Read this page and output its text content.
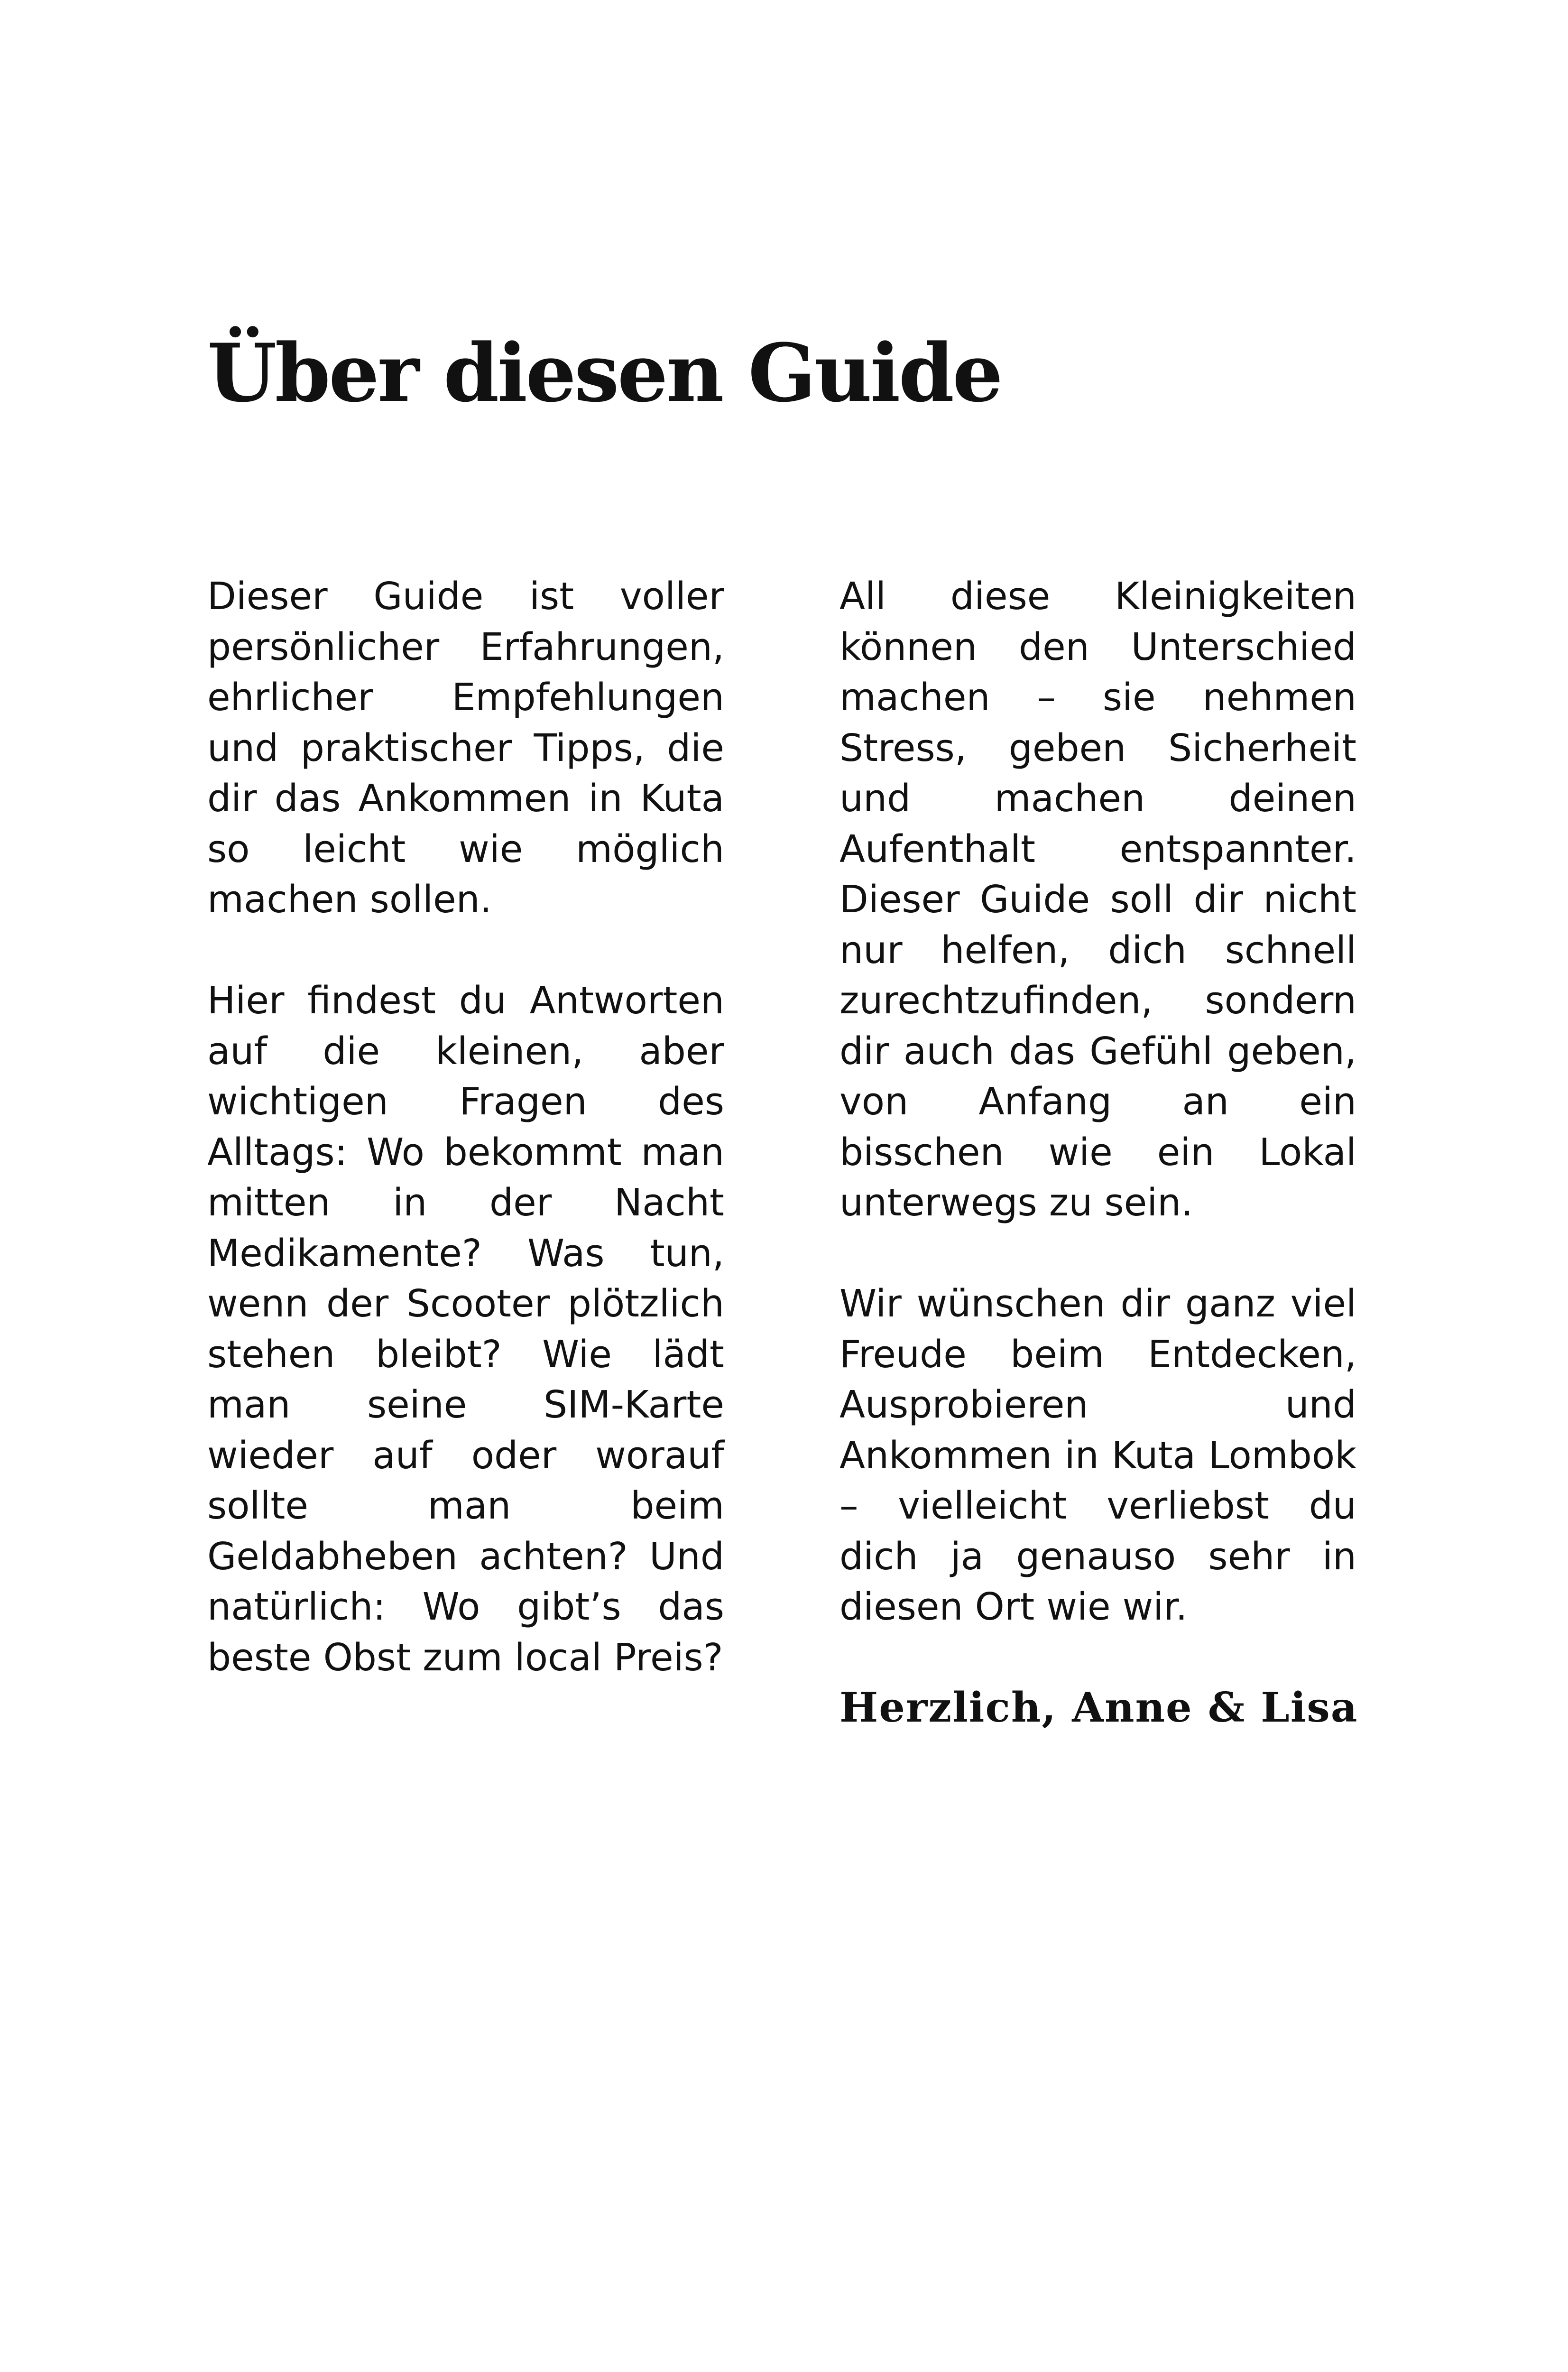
Über diesen Guide

Dieser Guide ist voller persönlicher Erfahrungen, ehrlicher Empfehlungen und praktischer Tipps, die dir das Ankommen in Kuta so leicht wie möglich machen sollen.

Hier findest du Antworten auf die kleinen, aber wichtigen Fragen des Alltags: Wo bekommt man mitten in der Nacht Medikamente? Was tun, wenn der Scooter plötzlich stehen bleibt? Wie lädt man seine SIM-Karte wieder auf oder worauf sollte man beim Geldabheben achten? Und natürlich: Wo gibt’s das beste Obst zum local Preis?

All diese Kleinigkeiten können den Unterschied machen – sie nehmen Stress, geben Sicherheit und machen deinen Aufenthalt entspannter. Dieser Guide soll dir nicht nur helfen, dich schnell zurechtzufinden, sondern dir auch das Gefühl geben, von Anfang an ein bisschen wie ein Lokal unterwegs zu sein.

Wir wünschen dir ganz viel Freude beim Entdecken, Ausprobieren und Ankommen in Kuta Lombok – vielleicht verliebst du dich ja genauso sehr in diesen Ort wie wir.

Herzlich, Anne & Lisa
